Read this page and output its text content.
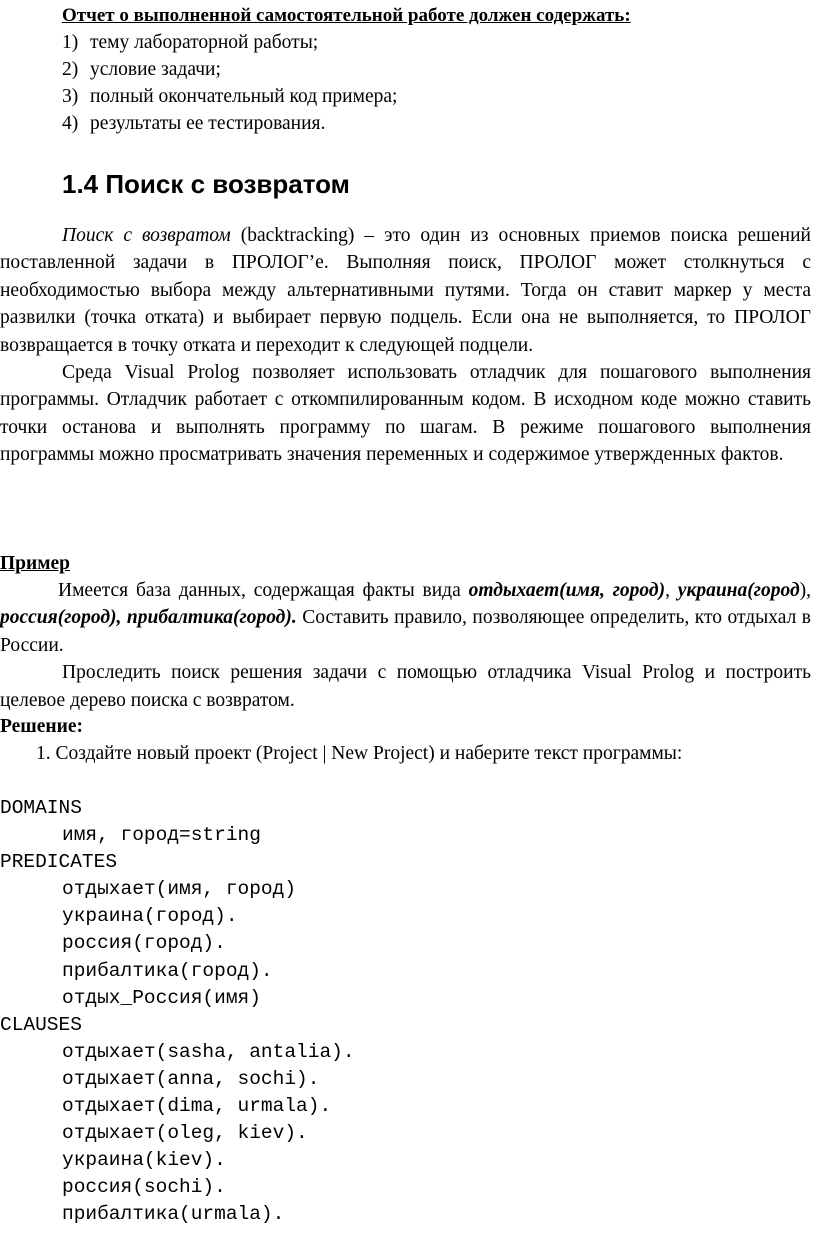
Отчет о выполненной самостоятельной работе должен содержать:
1) тему лабораторной работы;
2) условие задачи;
3) полный окончательный код примера;
4) результаты ее тестирования.
1.4 Поиск с возвратом

Поиск с возвратом (backtracking) – это один из основных приемов поиска решений поставленной задачи в ПРОЛОГ’е. Выполняя поиск, ПРОЛОГ может столкнуться с необходимостью выбора между альтернативными путями. Тогда он ставит маркер у места развилки (точка отката) и выбирает первую подцель. Если она не выполняется, то ПРОЛОГ возвращается в точку отката и переходит к следующей подцели.

Среда Visual Prolog позволяет использовать отладчик для пошагового выполнения программы. Отладчик работает с откомпилированным кодом. В исходном коде можно ставить точки останова и выполнять программу по шагам. В режиме пошагового выполнения программы можно просматривать значения переменных и содержимое утвержденных фактов.

Пример

Имеется база данных, содержащая факты вида отдыхает(имя, город), украина(город), россия(город), прибалтика(город). Составить правило, позволяющее определить, кто отдыхал в России.

Проследить поиск решения задачи с помощью отладчика Visual Prolog и построить целевое дерево поиска с возвратом.

Решение:

1. Создайте новый проект (Project | New Project) и наберите текст программы:

DOMAINS
имя, город=string
PREDICATES
отдыхает(имя, город)
украина(город).
россия(город).
прибалтика(город).
отдых_Россия(имя)
CLAUSES
отдыхает(sasha, antalia).
отдыхает(anna, sochi).
отдыхает(dima, urmala).
отдыхает(oleg, kiev).
украина(kiev).
россия(sochi).
прибалтика(urmala).
